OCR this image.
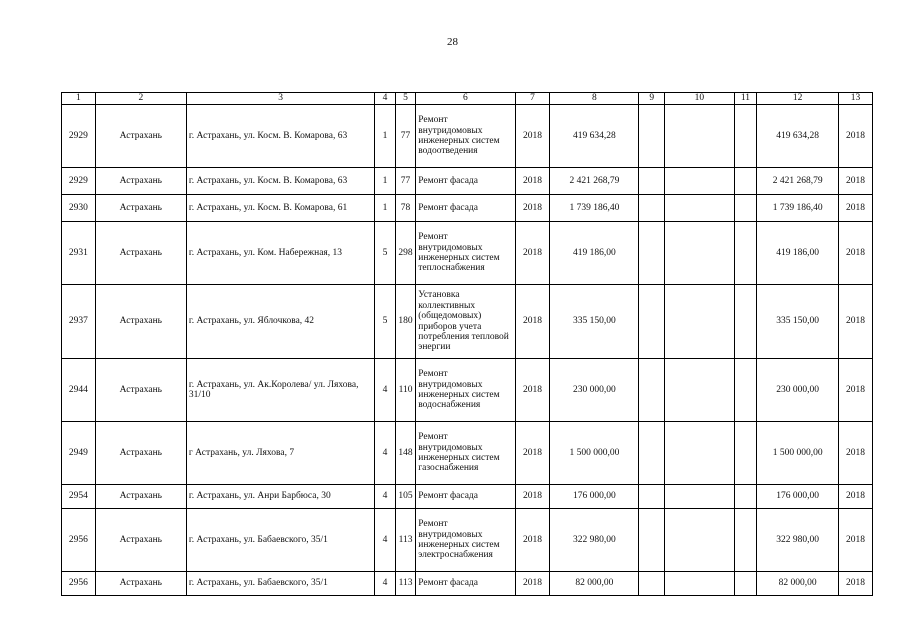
28
1	2	3	4	5	6	7	8	9	10	11	12	13
2929	Астрахань	г. Астрахань, ул. Косм. В. Комарова, 63	1	77	Ремонт внутридомовых инженерных систем водоотведения	2018	419 634,28				419 634,28	2018
2929	Астрахань	г. Астрахань, ул. Косм. В. Комарова, 63	1	77	Ремонт фасада	2018	2 421 268,79				2 421 268,79	2018
2930	Астрахань	г. Астрахань, ул. Косм. В. Комарова, 61	1	78	Ремонт фасада	2018	1 739 186,40				1 739 186,40	2018
2931	Астрахань	г. Астрахань, ул. Ком. Набережная, 13	5	298	Ремонт внутридомовых инженерных систем теплоснабжения	2018	419 186,00				419 186,00	2018
2937	Астрахань	г. Астрахань, ул. Яблочкова, 42	5	180	Установка коллективных (общедомовых) приборов учета потребления тепловой энергии	2018	335 150,00				335 150,00	2018
2944	Астрахань	г. Астрахань, ул. Ак.Королева/ ул. Ляхова, 31/10	4	110	Ремонт внутридомовых инженерных систем водоснабжения	2018	230 000,00				230 000,00	2018
2949	Астрахань	г Астрахань, ул. Ляхова, 7	4	148	Ремонт внутридомовых инженерных систем газоснабжения	2018	1 500 000,00				1 500 000,00	2018
2954	Астрахань	г. Астрахань, ул. Анри Барбюса, 30	4	105	Ремонт фасада	2018	176 000,00				176 000,00	2018
2956	Астрахань	г. Астрахань, ул. Бабаевского, 35/1	4	113	Ремонт внутридомовых инженерных систем электроснабжения	2018	322 980,00				322 980,00	2018
2956	Астрахань	г. Астрахань, ул. Бабаевского, 35/1	4	113	Ремонт фасада	2018	82 000,00				82 000,00	2018
